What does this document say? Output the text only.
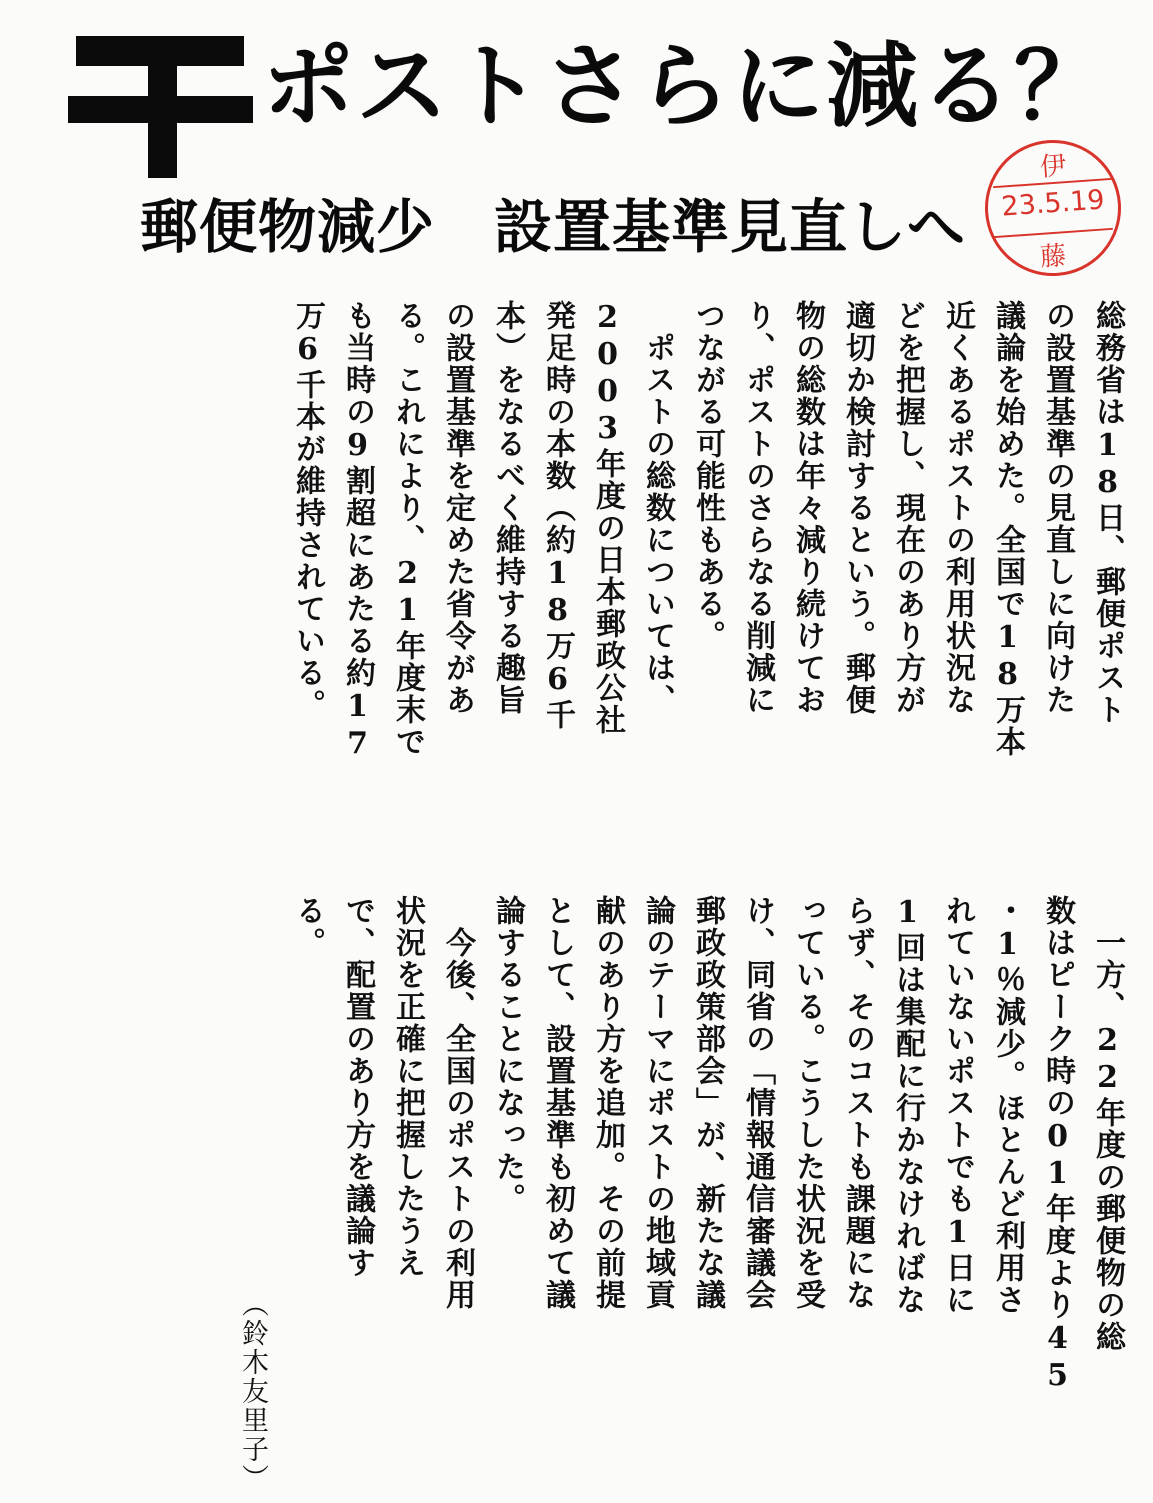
ポストさらに減る？
郵便物減少　設置基準見直しへ
伊
23.5.19
藤
総務省は18日、郵便ポスト
の設置基準の見直しに向けた
議論を始めた。全国で18万本
近くあるポストの利用状況な
どを把握し、現在のあり方が
適切か検討するという。郵便
物の総数は年々減り続けてお
り、ポストのさらなる削減に
つながる可能性もある。
　ポストの総数については、
2003年度の日本郵政公社
発足時の本数（約18万6千
本）をなるべく維持する趣旨
の設置基準を定めた省令があ
る。これにより、21年度末で
も当時の9割超にあたる約17
万6千本が維持されている。
　一方、22年度の郵便物の総
数はピーク時の01年度より45
・1％減少。ほとんど利用さ
れていないポストでも1日に
1回は集配に行かなければな
らず、そのコストも課題にな
っている。こうした状況を受
け、同省の「情報通信審議会
郵政政策部会」が、新たな議
論のテーマにポストの地域貢
献のあり方を追加。その前提
として、設置基準も初めて議
論することになった。
　今後、全国のポストの利用
状況を正確に把握したうえ
で、配置のあり方を議論す
る。
（鈴木友里子）
